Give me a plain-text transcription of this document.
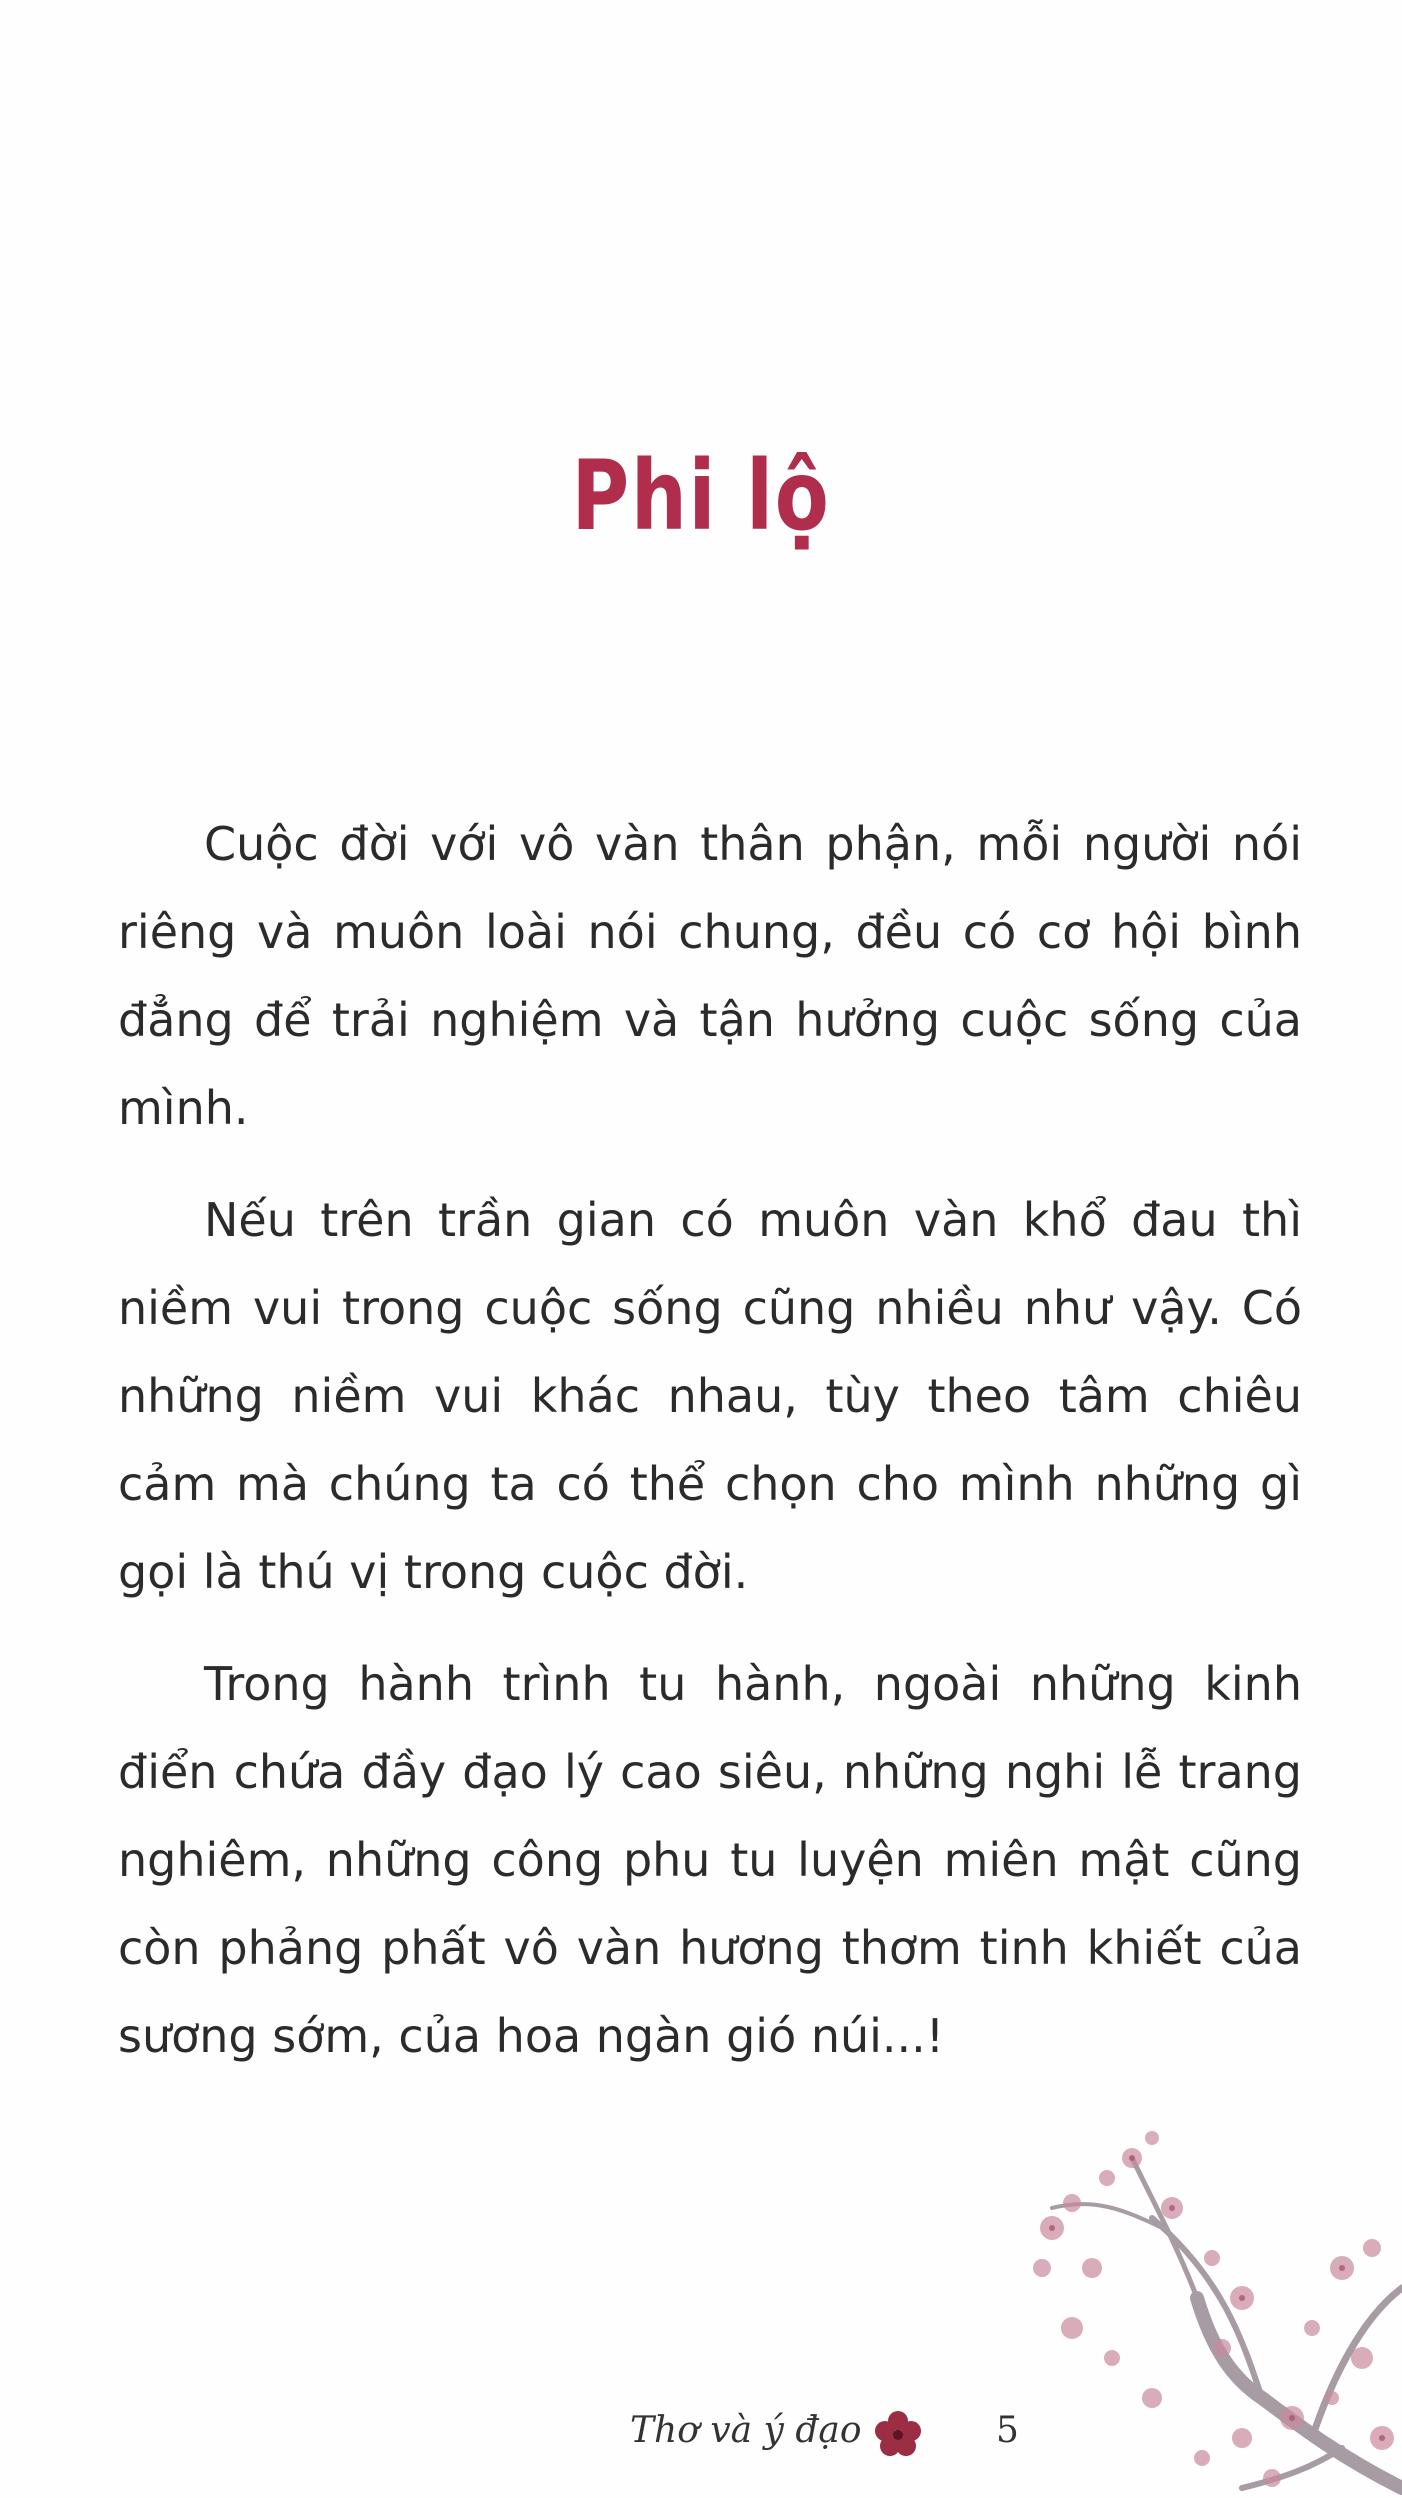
Phi lộ

Cuộc đời với vô vàn thân phận, mỗi người nói riêng và muôn loài nói chung, đều có cơ hội bình đẳng để trải nghiệm và tận hưởng cuộc sống của mình.

Nếu trên trần gian có muôn vàn khổ đau thì niềm vui trong cuộc sống cũng nhiều như vậy. Có những niềm vui khác nhau, tùy theo tâm chiêu cảm mà chúng ta có thể chọn cho mình những gì gọi là thú vị trong cuộc đời.

Trong hành trình tu hành, ngoài những kinh điển chứa đầy đạo lý cao siêu, những nghi lễ trang nghiêm, những công phu tu luyện miên mật cũng còn phảng phất vô vàn hương thơm tinh khiết của sương sớm, của hoa ngàn gió núi...!

Thơ và ý đạo	5
